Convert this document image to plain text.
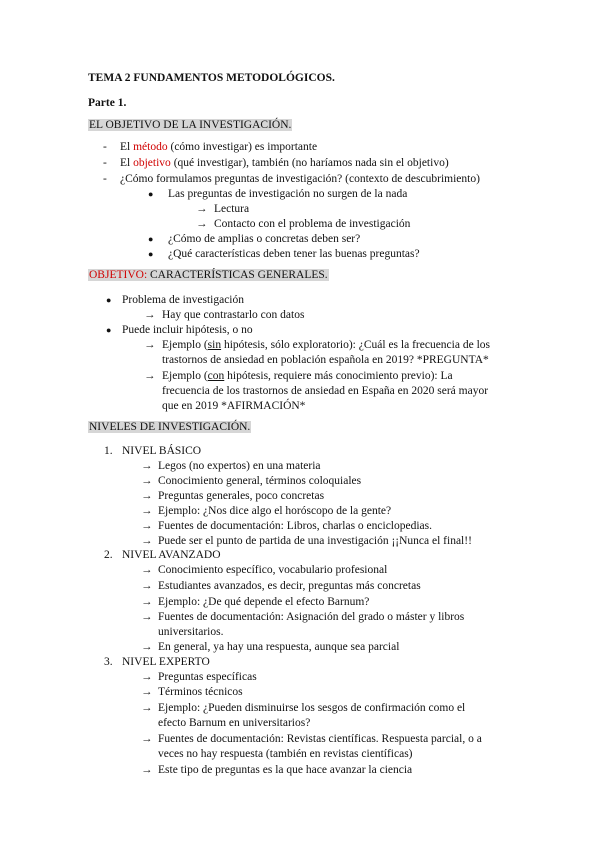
TEMA 2 FUNDAMENTOS METODOLÓGICOS.
Parte 1.
EL OBJETIVO DE LA INVESTIGACIÓN.
- El método (cómo investigar) es importante
- El objetivo (qué investigar), también (no haríamos nada sin el objetivo)
- ¿Cómo formulamos preguntas de investigación? (contexto de descubrimiento)
● Las preguntas de investigación no surgen de la nada
→ Lectura
→ Contacto con el problema de investigación
● ¿Cómo de amplias o concretas deben ser?
● ¿Qué características deben tener las buenas preguntas?
OBJETIVO: CARACTERÍSTICAS GENERALES.
● Problema de investigación
→ Hay que contrastarlo con datos
● Puede incluir hipótesis, o no
→ Ejemplo (sin hipótesis, sólo exploratorio): ¿Cuál es la frecuencia de los
trastornos de ansiedad en población española en 2019? *PREGUNTA*
→ Ejemplo (con hipótesis, requiere más conocimiento previo): La
frecuencia de los trastornos de ansiedad en España en 2020 será mayor
que en 2019 *AFIRMACIÓN*
NIVELES DE INVESTIGACIÓN.
1. NIVEL BÁSICO
→ Legos (no expertos) en una materia
→ Conocimiento general, términos coloquiales
→ Preguntas generales, poco concretas
→ Ejemplo: ¿Nos dice algo el horóscopo de la gente?
→ Fuentes de documentación: Libros, charlas o enciclopedias.
→ Puede ser el punto de partida de una investigación ¡¡Nunca el final!!
2. NIVEL AVANZADO
→ Conocimiento específico, vocabulario profesional
→ Estudiantes avanzados, es decir, preguntas más concretas
→ Ejemplo: ¿De qué depende el efecto Barnum?
→ Fuentes de documentación: Asignación del grado o máster y libros
universitarios.
→ En general, ya hay una respuesta, aunque sea parcial
3. NIVEL EXPERTO
→ Preguntas específicas
→ Términos técnicos
→ Ejemplo: ¿Pueden disminuirse los sesgos de confirmación como el
efecto Barnum en universitarios?
→ Fuentes de documentación: Revistas científicas. Respuesta parcial, o a
veces no hay respuesta (también en revistas científicas)
→ Este tipo de preguntas es la que hace avanzar la ciencia
